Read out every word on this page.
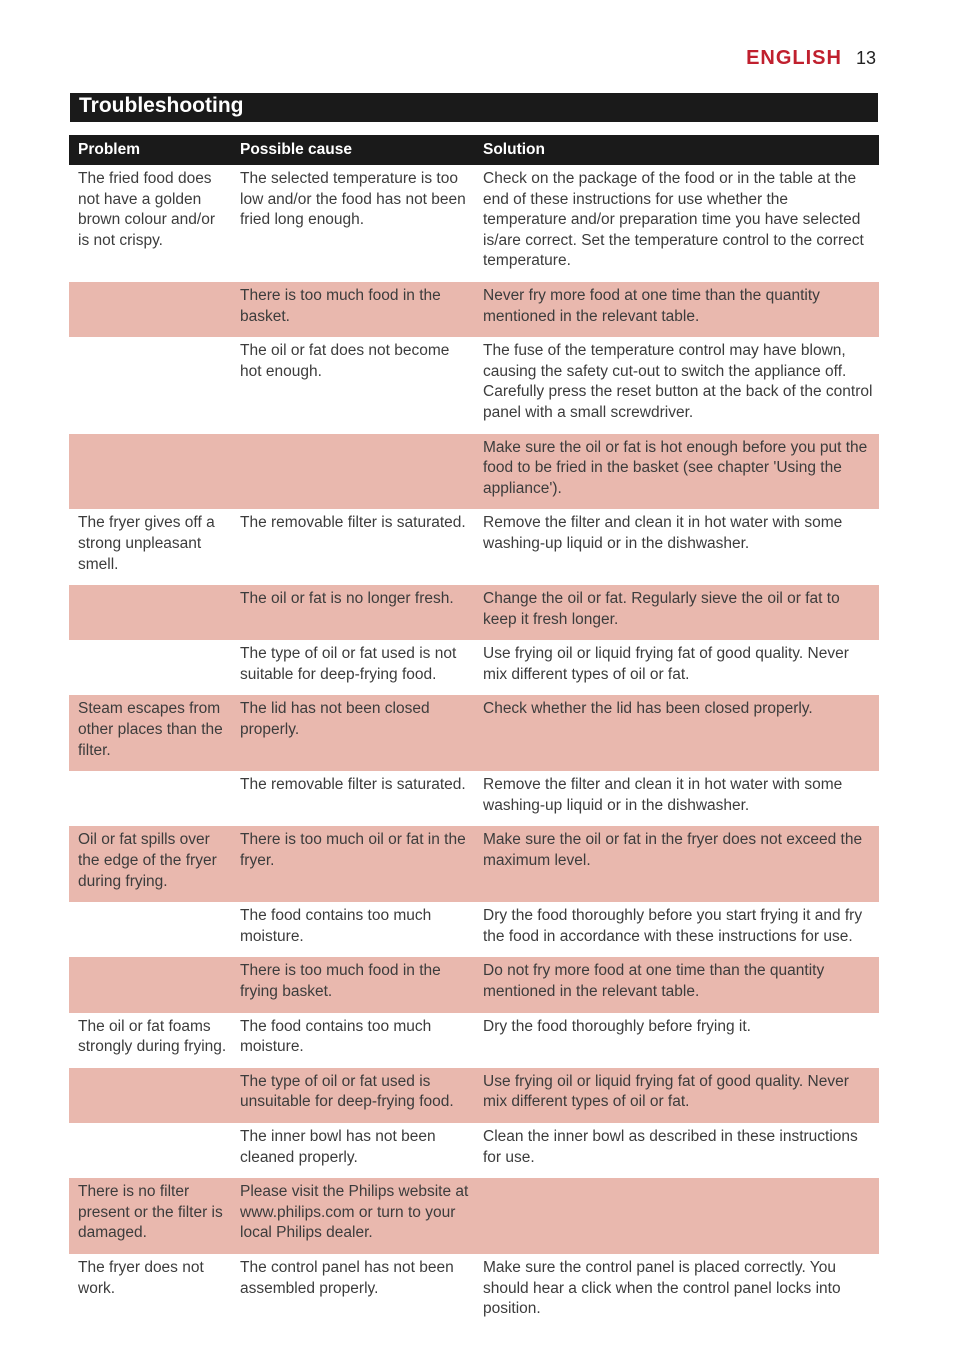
ENGLISH 13
Troubleshooting
Problem	Possible cause	Solution
The fried food does not have a golden brown colour and/or is not crispy.	The selected temperature is too low and/or the food has not been fried long enough.	Check on the package of the food or in the table at the end of these instructions for use whether the temperature and/or preparation time you have selected is/are correct. Set the temperature control to the correct temperature.
	There is too much food in the basket.	Never fry more food at one time than the quantity mentioned in the relevant table.
	The oil or fat does not become hot enough.	The fuse of the temperature control may have blown, causing the safety cut-out to switch the appliance off. Carefully press the reset button at the back of the control panel with a small screwdriver.
		Make sure the oil or fat is hot enough before you put the food to be fried in the basket (see chapter 'Using the appliance').
The fryer gives off a strong unpleasant smell.	The removable filter is saturated.	Remove the filter and clean it in hot water with some washing-up liquid or in the dishwasher.
	The oil or fat is no longer fresh.	Change the oil or fat. Regularly sieve the oil or fat to keep it fresh longer.
	The type of oil or fat used is not suitable for deep-frying food.	Use frying oil or liquid frying fat of good quality. Never mix different types of oil or fat.
Steam escapes from other places than the filter.	The lid has not been closed properly.	Check whether the lid has been closed properly.
	The removable filter is saturated.	Remove the filter and clean it in hot water with some washing-up liquid or in the dishwasher.
Oil or fat spills over the edge of the fryer during frying.	There is too much oil or fat in the fryer.	Make sure the oil or fat in the fryer does not exceed the maximum level.
	The food contains too much moisture.	Dry the food thoroughly before you start frying it and fry the food in accordance with these instructions for use.
	There is too much food in the frying basket.	Do not fry more food at one time than the quantity mentioned in the relevant table.
The oil or fat foams strongly during frying.	The food contains too much moisture.	Dry the food thoroughly before frying it.
	The type of oil or fat used is unsuitable for deep-frying food.	Use frying oil or liquid frying fat of good quality. Never mix different types of oil or fat.
	The inner bowl has not been cleaned properly.	Clean the inner bowl as described in these instructions for use.
There is no filter present or the filter is damaged.	Please visit the Philips website at www.philips.com or turn to your local Philips dealer.	
The fryer does not work.	The control panel has not been assembled properly.	Make sure the control panel is placed correctly. You should hear a click when the control panel locks into position.
